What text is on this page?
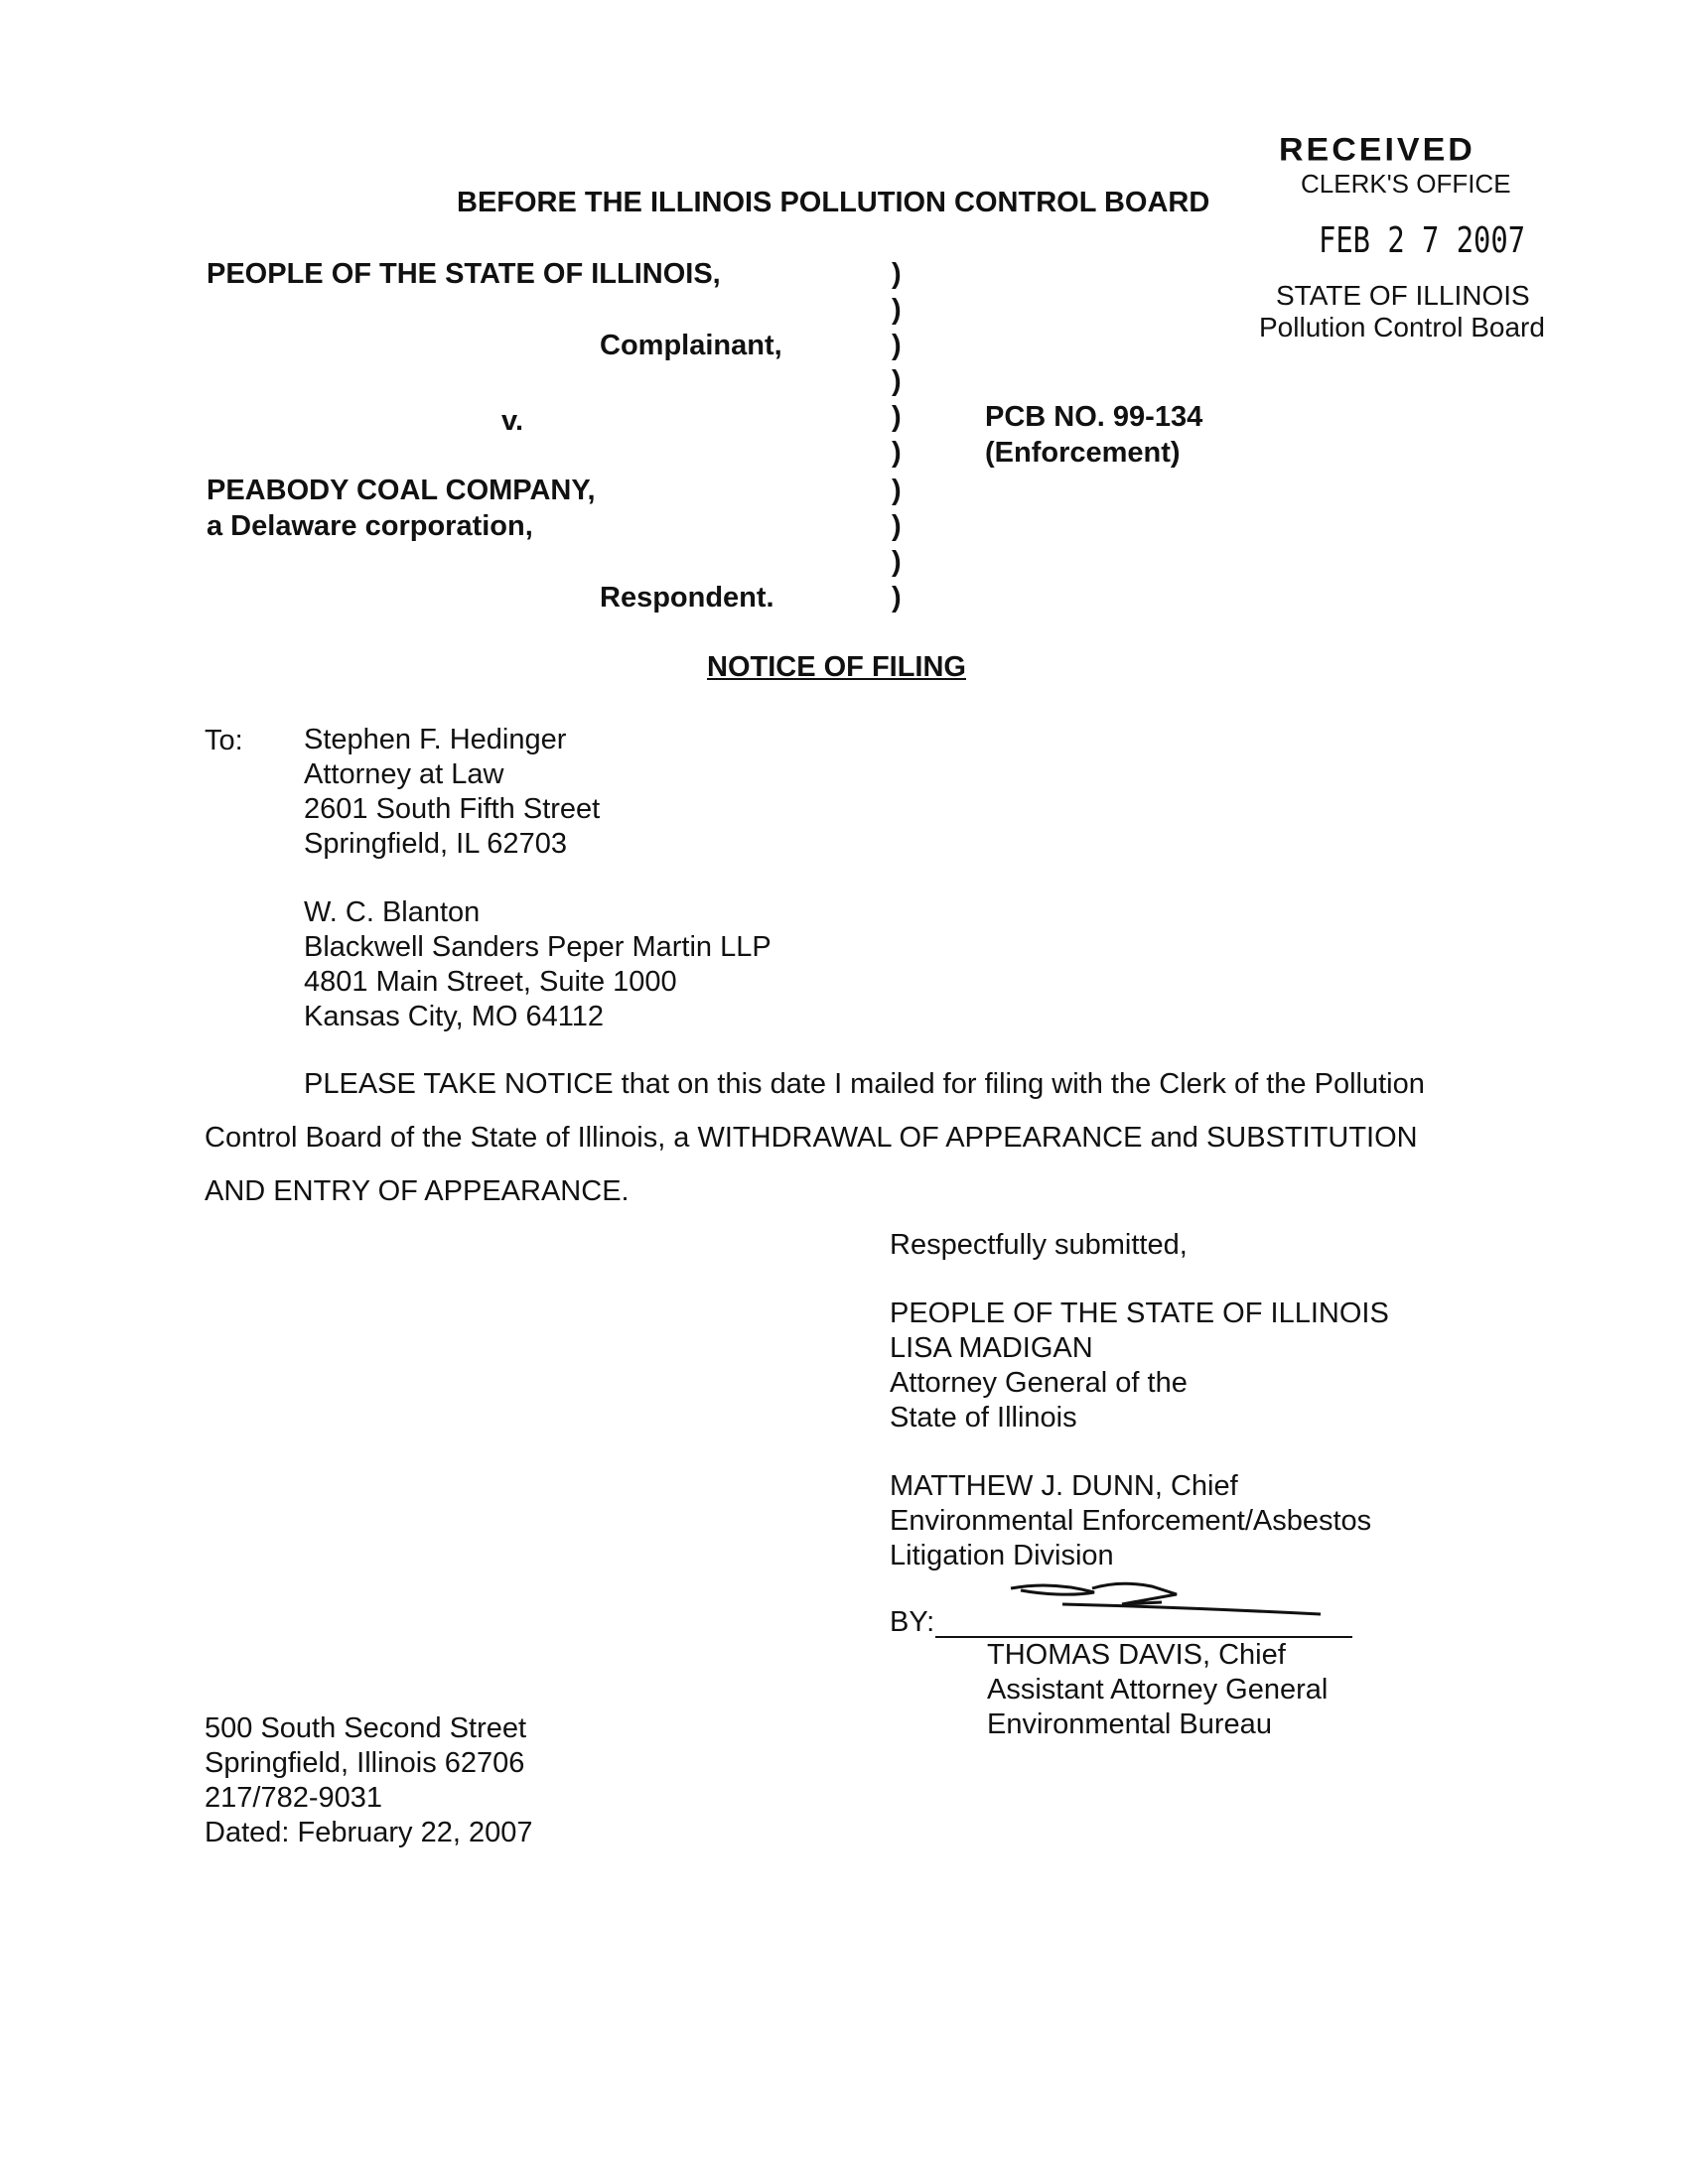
RECEIVED
CLERK'S OFFICE
FEB 2 7 2007
STATE OF ILLINOIS
Pollution Control Board
BEFORE THE ILLINOIS POLLUTION CONTROL BOARD
PEOPLE OF THE STATE OF ILLINOIS,
Complainant,
v.
PEABODY COAL COMPANY,
a Delaware corporation,
Respondent.
)
)
)
)
)
)
)
)
)
)
PCB NO. 99-134
(Enforcement)
NOTICE OF FILING
To: Stephen F. Hedinger
Attorney at Law
2601 South Fifth Street
Springfield, IL 62703
W. C. Blanton
Blackwell Sanders Peper Martin LLP
4801 Main Street, Suite 1000
Kansas City, MO 64112
PLEASE TAKE NOTICE that on this date I mailed for filing with the Clerk of the Pollution
Control Board of the State of Illinois, a WITHDRAWAL OF APPEARANCE and SUBSTITUTION
AND ENTRY OF APPEARANCE.
Respectfully submitted,
PEOPLE OF THE STATE OF ILLINOIS
LISA MADIGAN
Attorney General of the
State of Illinois
MATTHEW J. DUNN, Chief
Environmental Enforcement/Asbestos
Litigation Division
BY:
THOMAS DAVIS, Chief
Assistant Attorney General
Environmental Bureau
500 South Second Street
Springfield, Illinois 62706
217/782-9031
Dated: February 22, 2007
